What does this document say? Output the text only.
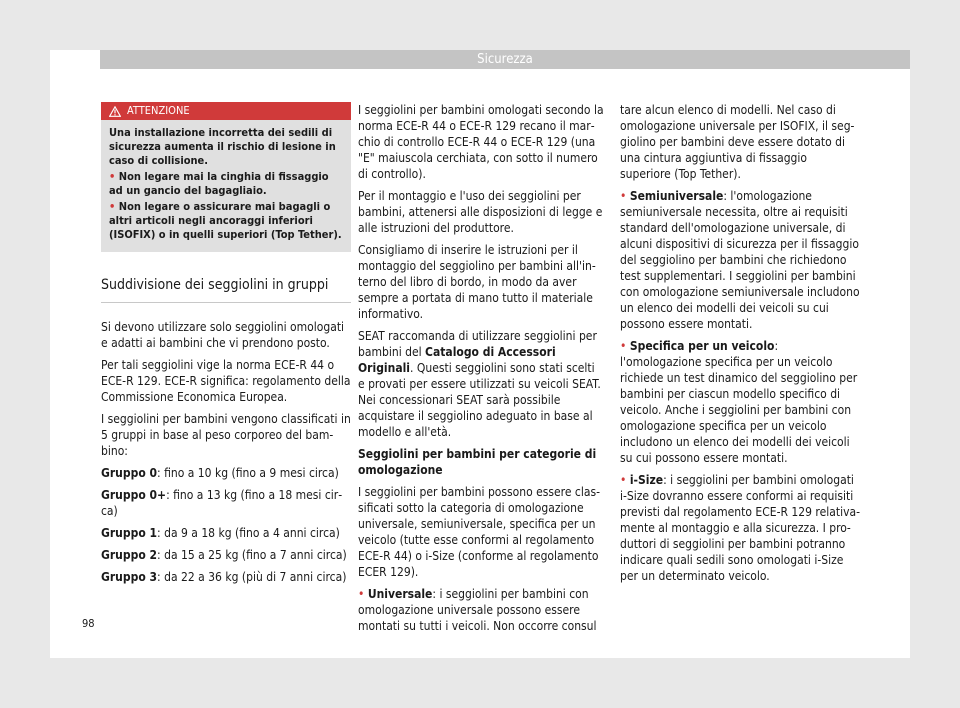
Sicurezza
ATTENZIONE

Una installazione incorretta dei sedili di sicurezza aumenta il rischio di lesione in caso di collisione.

• Non legare mai la cinghia di fissaggio ad un gancio del bagagliaio.

• Non legare o assicurare mai bagagli o altri articoli negli ancoraggi inferiori (ISOFIX) o in quelli superiori (Top Tether).

Suddivisione dei seggiolini in gruppi

Si devono utilizzare solo seggiolini omologati e adatti ai bambini che vi prendono posto.

Per tali seggiolini vige la norma ECE-R 44 o ECE-R 129. ECE-R significa: regolamento della Commissione Economica Europea.

I seggiolini per bambini vengono classificati in 5 gruppi in base al peso corporeo del bambino:

Gruppo 0: fino a 10 kg (fino a 9 mesi circa)

Gruppo 0+: fino a 13 kg (fino a 18 mesi circa)

Gruppo 1: da 9 a 18 kg (fino a 4 anni circa)

Gruppo 2: da 15 a 25 kg (fino a 7 anni circa)

Gruppo 3: da 22 a 36 kg (più di 7 anni circa)

I seggiolini per bambini omologati secondo la norma ECE-R 44 o ECE-R 129 recano il marchio di controllo ECE-R 44 o ECE-R 129 (una "E" maiuscola cerchiata, con sotto il numero di controllo).

Per il montaggio e l'uso dei seggiolini per bambini, attenersi alle disposizioni di legge e alle istruzioni del produttore.

Consigliamo di inserire le istruzioni per il montaggio del seggiolino per bambini all'interno del libro di bordo, in modo da aver sempre a portata di mano tutto il materiale informativo.

SEAT raccomanda di utilizzare seggiolini per bambini del Catalogo di Accessori Originali. Questi seggiolini sono stati scelti e provati per essere utilizzati su veicoli SEAT. Nei concessionari SEAT sarà possibile acquistare il seggiolino adeguato in base al modello e all'età.

Seggiolini per bambini per categorie di omologazione

I seggiolini per bambini possono essere classificati sotto la categoria di omologazione universale, semiuniversale, specifica per un veicolo (tutte esse conformi al regolamento ECE-R 44) o i-Size (conforme al regolamento ECER 129).

• Universale: i seggiolini per bambini con omologazione universale possono essere montati su tutti i veicoli. Non occorre consul

tare alcun elenco di modelli. Nel caso di omologazione universale per ISOFIX, il seggiolino per bambini deve essere dotato di una cintura aggiuntiva di fissaggio superiore (Top Tether).

• Semiuniversale: l'omologazione semiuniversale necessita, oltre ai requisiti standard dell'omologazione universale, di alcuni dispositivi di sicurezza per il fissaggio del seggiolino per bambini che richiedono test supplementari. I seggiolini per bambini con omologazione semiuniversale includono un elenco dei modelli dei veicoli su cui possono essere montati.

• Specifica per un veicolo: l'omologazione specifica per un veicolo richiede un test dinamico del seggiolino per bambini per ciascun modello specifico di veicolo. Anche i seggiolini per bambini con omologazione specifica per un veicolo includono un elenco dei modelli dei veicoli su cui possono essere montati.

• i-Size: i seggiolini per bambini omologati i-Size dovranno essere conformi ai requisiti previsti dal regolamento ECE-R 129 relativamente al montaggio e alla sicurezza. I produttori di seggiolini per bambini potranno indicare quali sedili sono omologati i-Size per un determinato veicolo.

98
